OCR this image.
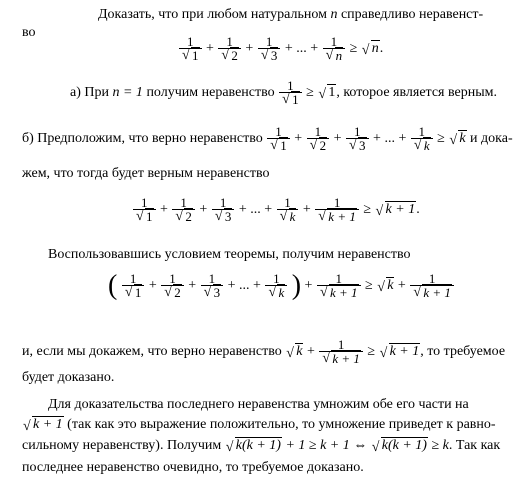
Доказать, что при любом натуральном n справедливо неравенст-
во
1
√ 1 + 1
√ 2 + 1
√ 3 + ... + 1
√ n ≥ √ n.
а) При n = 1 получим неравенство 1
√ 1 ≥ √ 1, которое является верным.
б) Предположим, что верно неравенство 1
√ 1 + 1
√ 2 + 1
√ 3 + ... + 1
√ k ≥ √ k и дока-
жем, что тогда будет верным неравенство
1
√ 1 + 1
√ 2 + 1
√ 3 + ... + 1
√ k + 1
√ k + 1 ≥ √ k + 1.
Воспользовавшись условием теоремы, получим неравенство
( 1
√ 1 + 1
√ 2 + 1
√ 3 + ... + 1
√ k ) + 1
√ k + 1 ≥ √ k + 1
√ k + 1
и, если мы докажем, что верно неравенство √ k + 1
√ k + 1 ≥ √ k + 1, то требуемое
будет доказано.
Для доказательства последнего неравенства умножим обе его части на
√ k + 1 (так как это выражение положительно, то умножение приведет к равно-
сильному неравенству). Получим √ k(k + 1) + 1 ≥ k + 1 ⇔ √ k(k + 1) ≥ k. Так как
последнее неравенство очевидно, то требуемое доказано.
